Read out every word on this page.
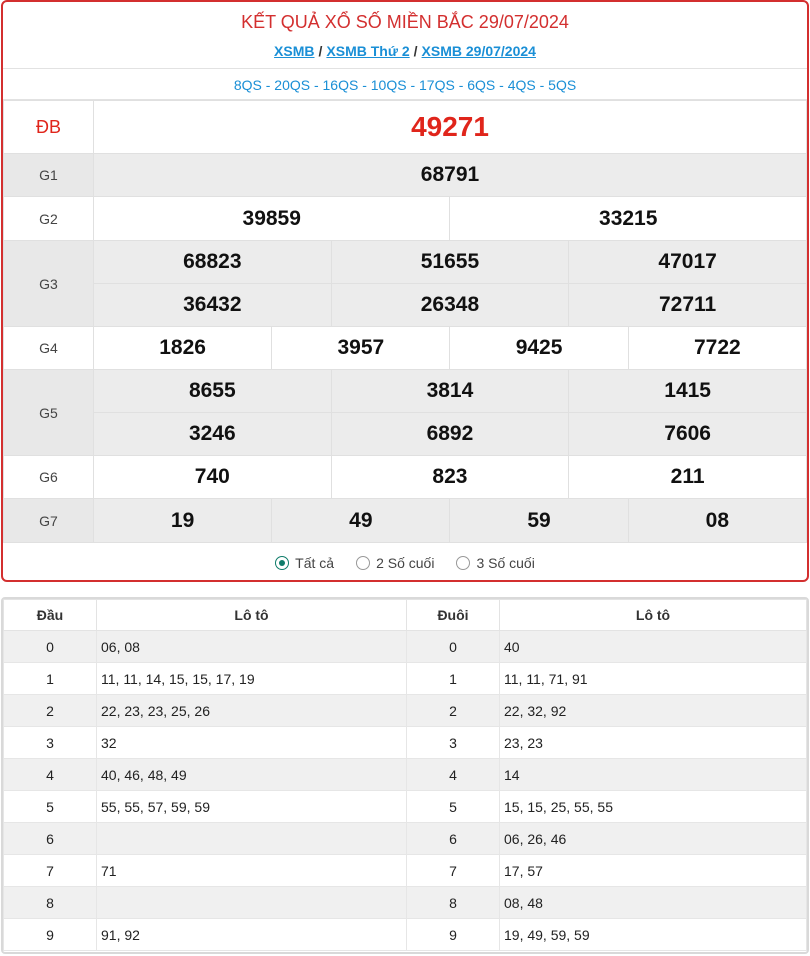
KẾT QUẢ XỔ SỐ MIỀN BẮC 29/07/2024
XSMB / XSMB Thứ 2 / XSMB 29/07/2024
8QS - 20QS - 16QS - 10QS - 17QS - 6QS - 4QS - 5QS
ĐB	49271					
G1	68791					
G2	39859			33215		
G3	68823		51655		47017	
	36432		26348		72711	
G4	1826	3957		9425		7722
G5	8655		3814		1415	
	3246		6892		7606	
G6	740		823		211	
G7	19	49		59		08
Tất cả	2 Số cuối	3 Số cuối
Đầu	Lô tô	Đuôi	Lô tô
0	06, 08	0	40
1	11, 11, 14, 15, 15, 17, 19	1	11, 11, 71, 91
2	22, 23, 23, 25, 26	2	22, 32, 92
3	32	3	23, 23
4	40, 46, 48, 49	4	14
5	55, 55, 57, 59, 59	5	15, 15, 25, 55, 55
6		6	06, 26, 46
7	71	7	17, 57
8		8	08, 48
9	91, 92	9	19, 49, 59, 59
